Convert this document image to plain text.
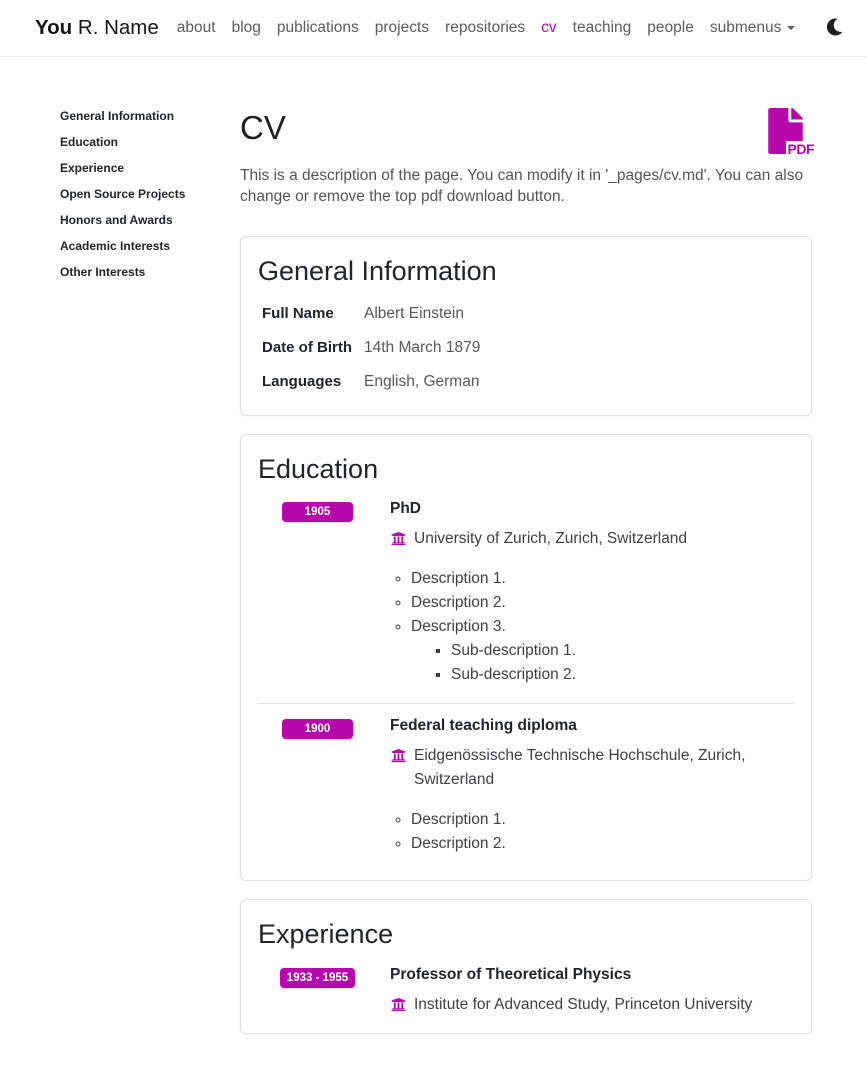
You R. Name about blog publications projects repositories cv teaching people submenus
General Information
Education
Experience
Open Source Projects
Honors and Awards
Academic Interests
Other Interests
CV
PDF

This is a description of the page. You can modify it in '_pages/cv.md'. You can also change or remove the top pdf download button.

General Information
Full Name	Albert Einstein
Date of Birth	14th March 1879
Languages	English, German
Education
1905	PhD
University of Zurich, Zurich, Switzerland
◦ Description 1.
◦ Description 2.
◦ Description 3.
▪ Sub-description 1.
▪ Sub-description 2.
1900	Federal teaching diploma
Eidgenössische Technische Hochschule, Zurich, Switzerland
◦ Description 1.
◦ Description 2.
Experience
1933 - 1955	Professor of Theoretical Physics
Institute for Advanced Study, Princeton University
